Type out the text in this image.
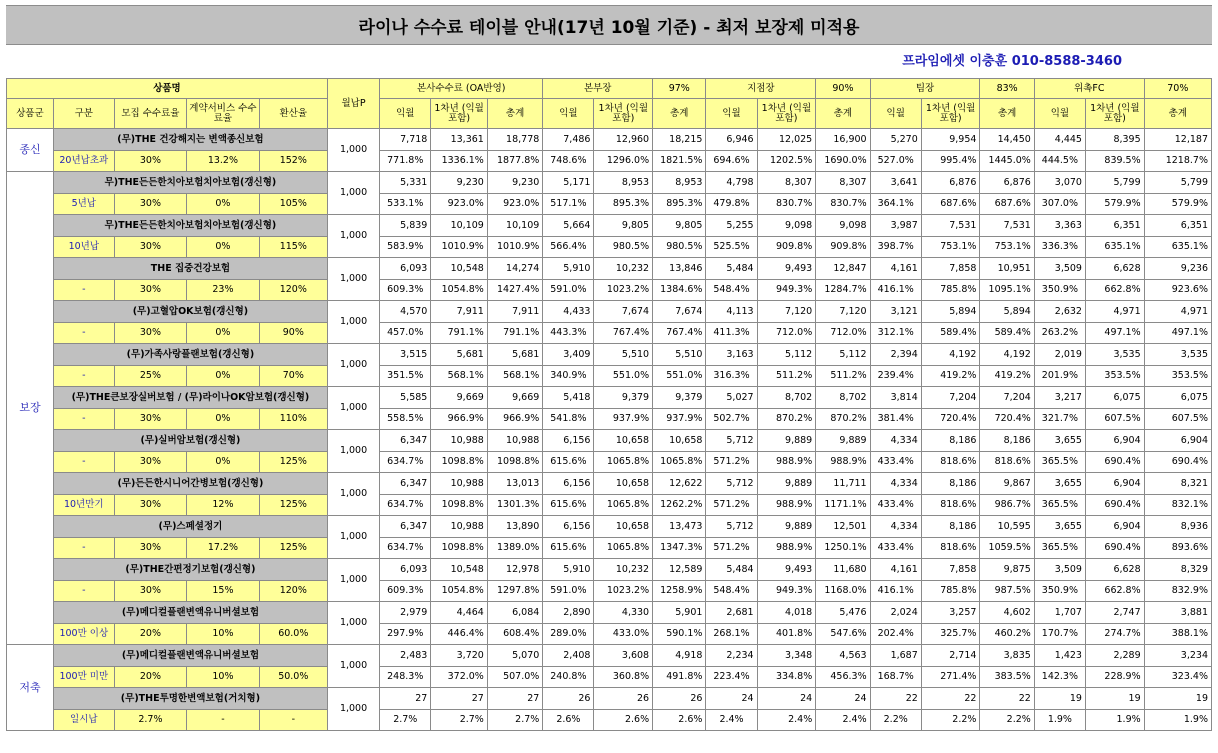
라이나 수수료 테이블 안내(17년 10월 기준) - 최저 보장제 미적용
프라임에셋 이충훈 010-8588-3460
상품명					월납P	본사수수료 (OA반영)			본부장		97%	지점장		90%	팀장		83%	위촉FC		70%
상품군	구분	모집 수수료율	계약서비스 수수료율	환산율		익월	1차년 (익월포함)	총계	익월	1차년 (익월포함)	총계	익월	1차년 (익월포함)	총계	익월	1차년 (익월포함)	총계	익월	1차년 (익월포함)	총계
종신	(무)THE 건강해지는 변액종신보험				1,000	7,718	13,361	18,778	7,486	12,960	18,215	6,946	12,025	16,900	5,270	9,954	14,450	4,445	8,395	12,187
	20년납초과	30%	13.2%	152%		771.8%	1336.1%	1877.8%	748.6%	1296.0%	1821.5%	694.6%	1202.5%	1690.0%	527.0%	995.4%	1445.0%	444.5%	839.5%	1218.7%
보장	무)THE든든한치아보험치아보험(갱신형)				1,000	5,331	9,230	9,230	5,171	8,953	8,953	4,798	8,307	8,307	3,641	6,876	6,876	3,070	5,799	5,799
	5년납	30%	0%	105%		533.1%	923.0%	923.0%	517.1%	895.3%	895.3%	479.8%	830.7%	830.7%	364.1%	687.6%	687.6%	307.0%	579.9%	579.9%
	무)THE든든한치아보험치아보험(갱신형)				1,000	5,839	10,109	10,109	5,664	9,805	9,805	5,255	9,098	9,098	3,987	7,531	7,531	3,363	6,351	6,351
	10년납	30%	0%	115%		583.9%	1010.9%	1010.9%	566.4%	980.5%	980.5%	525.5%	909.8%	909.8%	398.7%	753.1%	753.1%	336.3%	635.1%	635.1%
	THE 집중건강보험				1,000	6,093	10,548	14,274	5,910	10,232	13,846	5,484	9,493	12,847	4,161	7,858	10,951	3,509	6,628	9,236
	-	30%	23%	120%		609.3%	1054.8%	1427.4%	591.0%	1023.2%	1384.6%	548.4%	949.3%	1284.7%	416.1%	785.8%	1095.1%	350.9%	662.8%	923.6%
	(무)고혈압OK보험(갱신형)				1,000	4,570	7,911	7,911	4,433	7,674	7,674	4,113	7,120	7,120	3,121	5,894	5,894	2,632	4,971	4,971
	-	30%	0%	90%		457.0%	791.1%	791.1%	443.3%	767.4%	767.4%	411.3%	712.0%	712.0%	312.1%	589.4%	589.4%	263.2%	497.1%	497.1%
	(무)가족사랑플랜보험(갱신형)				1,000	3,515	5,681	5,681	3,409	5,510	5,510	3,163	5,112	5,112	2,394	4,192	4,192	2,019	3,535	3,535
	-	25%	0%	70%		351.5%	568.1%	568.1%	340.9%	551.0%	551.0%	316.3%	511.2%	511.2%	239.4%	419.2%	419.2%	201.9%	353.5%	353.5%
	(무)THE큰보장실버보험 / (무)라이나OK암보험(갱신형)				1,000	5,585	9,669	9,669	5,418	9,379	9,379	5,027	8,702	8,702	3,814	7,204	7,204	3,217	6,075	6,075
	-	30%	0%	110%		558.5%	966.9%	966.9%	541.8%	937.9%	937.9%	502.7%	870.2%	870.2%	381.4%	720.4%	720.4%	321.7%	607.5%	607.5%
	(무)실버암보험(갱신형)				1,000	6,347	10,988	10,988	6,156	10,658	10,658	5,712	9,889	9,889	4,334	8,186	8,186	3,655	6,904	6,904
	-	30%	0%	125%		634.7%	1098.8%	1098.8%	615.6%	1065.8%	1065.8%	571.2%	988.9%	988.9%	433.4%	818.6%	818.6%	365.5%	690.4%	690.4%
	(무)든든한시니어간병보험(갱신형)				1,000	6,347	10,988	13,013	6,156	10,658	12,622	5,712	9,889	11,711	4,334	8,186	9,867	3,655	6,904	8,321
	10년만기	30%	12%	125%		634.7%	1098.8%	1301.3%	615.6%	1065.8%	1262.2%	571.2%	988.9%	1171.1%	433.4%	818.6%	986.7%	365.5%	690.4%	832.1%
	(무)스페셜정기				1,000	6,347	10,988	13,890	6,156	10,658	13,473	5,712	9,889	12,501	4,334	8,186	10,595	3,655	6,904	8,936
	-	30%	17.2%	125%		634.7%	1098.8%	1389.0%	615.6%	1065.8%	1347.3%	571.2%	988.9%	1250.1%	433.4%	818.6%	1059.5%	365.5%	690.4%	893.6%
	(무)THE간편정기보험(갱신형)				1,000	6,093	10,548	12,978	5,910	10,232	12,589	5,484	9,493	11,680	4,161	7,858	9,875	3,509	6,628	8,329
	-	30%	15%	120%		609.3%	1054.8%	1297.8%	591.0%	1023.2%	1258.9%	548.4%	949.3%	1168.0%	416.1%	785.8%	987.5%	350.9%	662.8%	832.9%
	(무)메디컬플랜변액유니버셜보험				1,000	2,979	4,464	6,084	2,890	4,330	5,901	2,681	4,018	5,476	2,024	3,257	4,602	1,707	2,747	3,881
	100만 이상	20%	10%	60.0%		297.9%	446.4%	608.4%	289.0%	433.0%	590.1%	268.1%	401.8%	547.6%	202.4%	325.7%	460.2%	170.7%	274.7%	388.1%
저축	(무)메디컬플랜변액유니버셜보험				1,000	2,483	3,720	5,070	2,408	3,608	4,918	2,234	3,348	4,563	1,687	2,714	3,835	1,423	2,289	3,234
	100만 미만	20%	10%	50.0%		248.3%	372.0%	507.0%	240.8%	360.8%	491.8%	223.4%	334.8%	456.3%	168.7%	271.4%	383.5%	142.3%	228.9%	323.4%
	(무)THE투명한변액보험(거치형)				1,000	27	27	27	26	26	26	24	24	24	22	22	22	19	19	19
	일시납	2.7%	-	-		2.7%	2.7%	2.7%	2.6%	2.6%	2.6%	2.4%	2.4%	2.4%	2.2%	2.2%	2.2%	1.9%	1.9%	1.9%
